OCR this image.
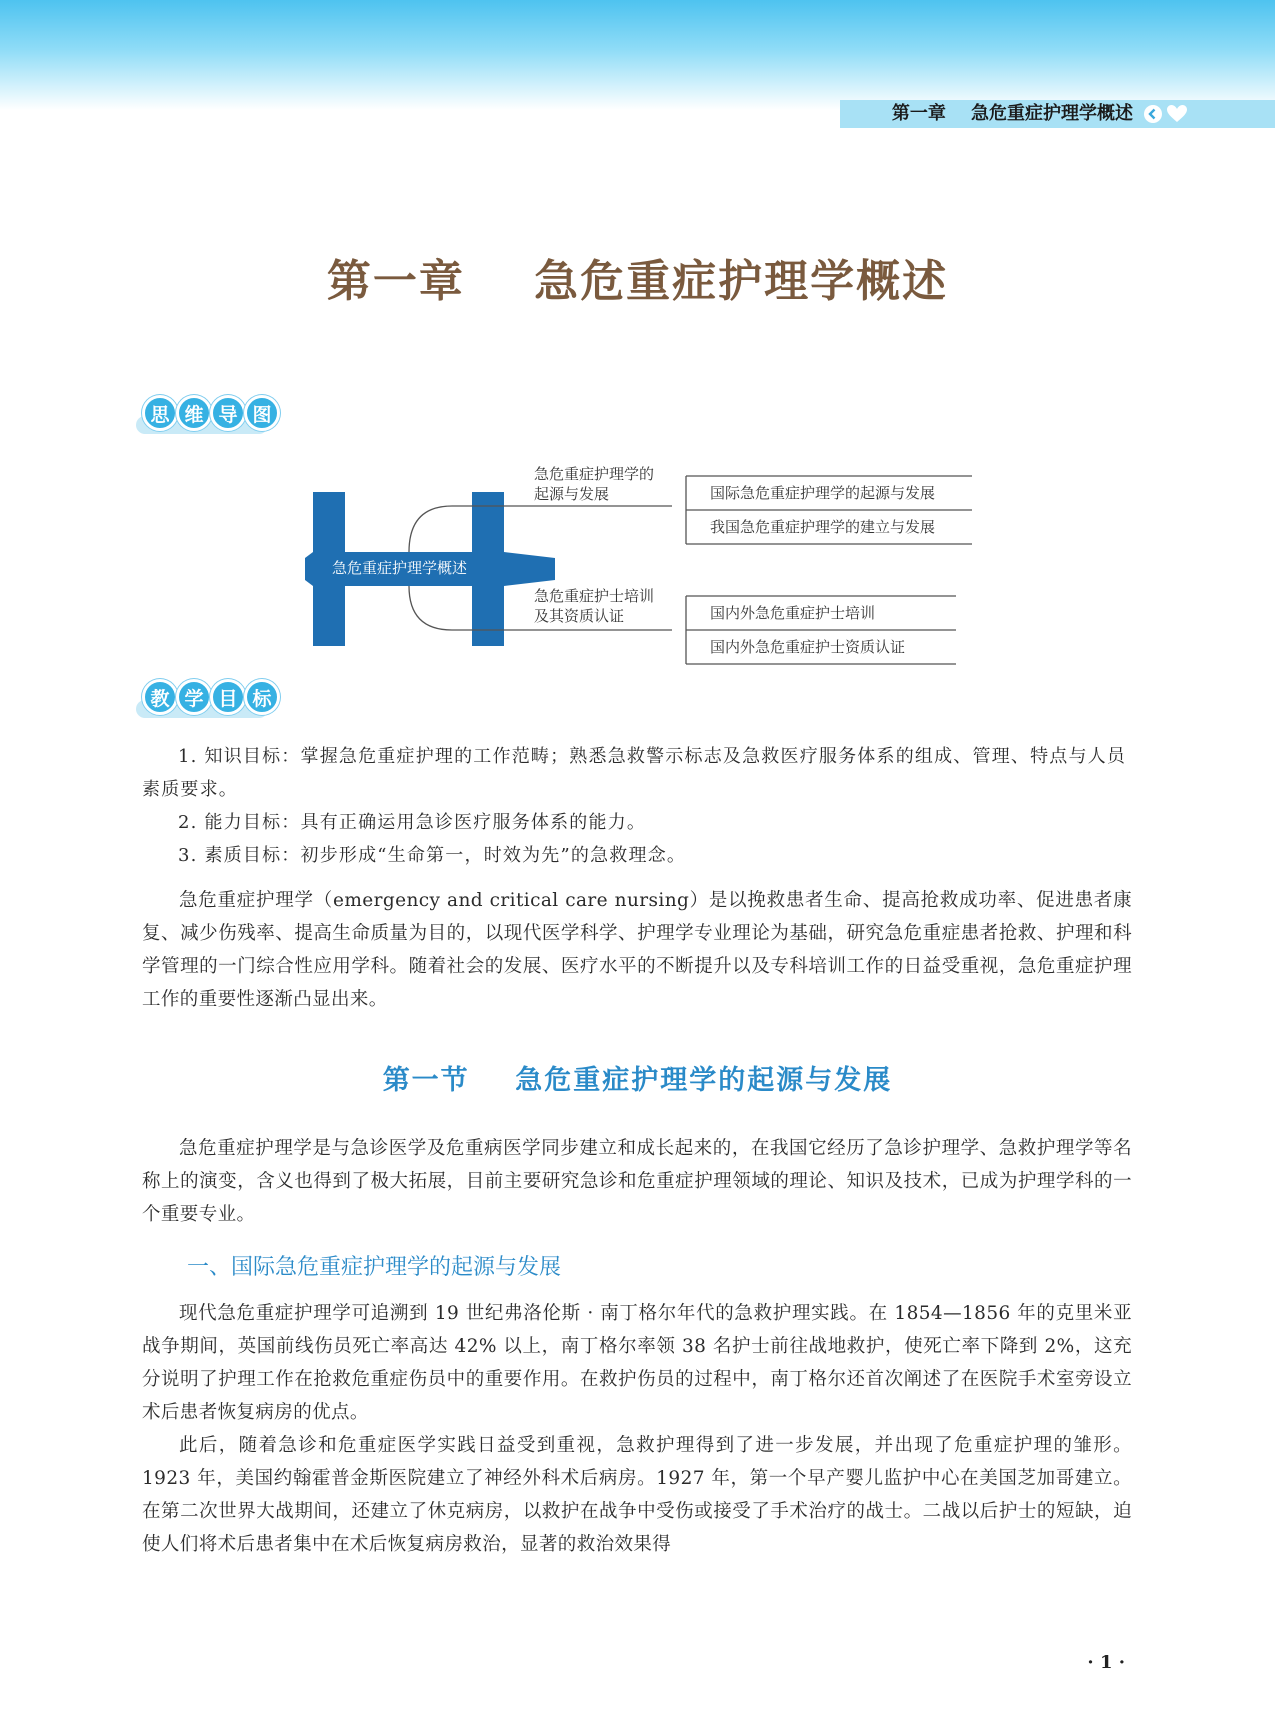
第一章    急危重症护理学概述
第一章    急危重症护理学概述
思 维 导 图
急危重症护理学概述
急危重症护理学的
起源与发展	国际急危重症护理学的起源与发展
我国急危重症护理学的建立与发展
急危重症护士培训
及其资质认证	国内外急危重症护士培训
国内外急危重症护士资质认证
教 学 目 标

1. 知识目标：掌握急危重症护理的工作范畴；熟悉急救警示标志及急救医疗服务体系的组成、管理、特点与人员素质要求。

2. 能力目标：具有正确运用急诊医疗服务体系的能力。

3. 素质目标：初步形成“生命第一，时效为先”的急救理念。

急危重症护理学（emergency and critical care nursing）是以挽救患者生命、提高抢救成功率、促进患者康复、减少伤残率、提高生命质量为目的，以现代医学科学、护理学专业理论为基础，研究急危重症患者抢救、护理和科学管理的一门综合性应用学科。随着社会的发展、医疗水平的不断提升以及专科培训工作的日益受重视，急危重症护理工作的重要性逐渐凸显出来。

第一节    急危重症护理学的起源与发展

急危重症护理学是与急诊医学及危重病医学同步建立和成长起来的，在我国它经历了急诊护理学、急救护理学等名称上的演变，含义也得到了极大拓展，目前主要研究急诊和危重症护理领域的理论、知识及技术，已成为护理学科的一个重要专业。

一、国际急危重症护理学的起源与发展

现代急危重症护理学可追溯到 19 世纪弗洛伦斯 · 南丁格尔年代的急救护理实践。在 1854—1856 年的克里米亚战争期间，英国前线伤员死亡率高达 42% 以上，南丁格尔率领 38 名护士前往战地救护，使死亡率下降到 2%，这充分说明了护理工作在抢救危重症伤员中的重要作用。在救护伤员的过程中，南丁格尔还首次阐述了在医院手术室旁设立术后患者恢复病房的优点。

此后，随着急诊和危重症医学实践日益受到重视，急救护理得到了进一步发展，并出现了危重症护理的雏形。1923 年，美国约翰霍普金斯医院建立了神经外科术后病房。1927 年，第一个早产婴儿监护中心在美国芝加哥建立。在第二次世界大战期间，还建立了休克病房，以救护在战争中受伤或接受了手术治疗的战士。二战以后护士的短缺，迫使人们将术后患者集中在术后恢复病房救治，显著的救治效果得

· 1 ·
